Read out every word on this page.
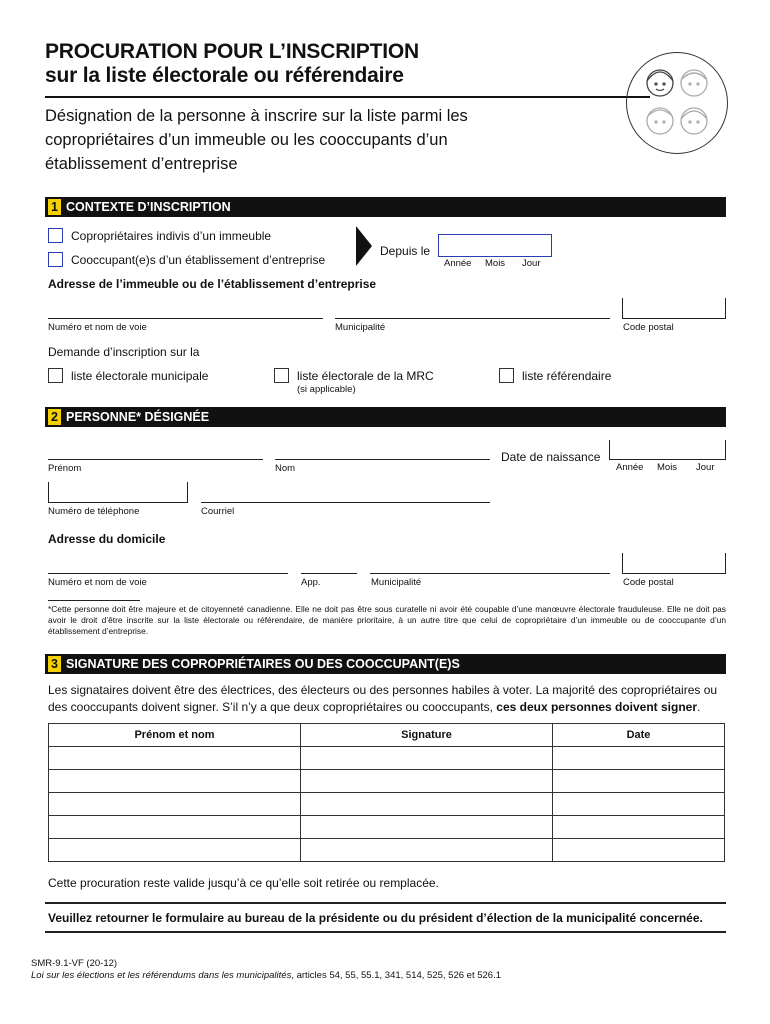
PROCURATION POUR L’INSCRIPTION
sur la liste électorale ou référendaire
Désignation de la personne à inscrire sur la liste parmi les copropriétaires d’un immeuble ou les cooccupants d’un établissement d’entreprise
1 CONTEXTE D’INSCRIPTION
Copropriétaires indivis d’un immeuble
Cooccupant(e)s d’un établissement d’entreprise
Depuis le
Année Mois Jour
Adresse de l’immeuble ou de l’établissement d’entreprise
Numéro et nom de voie	Municipalité	Code postal
Demande d’inscription sur la
liste électorale municipale	liste électorale de la MRC
(si applicable)
liste référendaire
2 PERSONNE* DÉSIGNÉE
Prénom	Nom
Date de naissance
Année Mois Jour
Numéro de téléphone	Courriel
Adresse du domicile
Numéro et nom de voie	App.	Municipalité	Code postal
*Cette personne doit être majeure et de citoyenneté canadienne. Elle ne doit pas être sous curatelle ni avoir été coupable d’une manœuvre électorale frauduleuse. Elle ne doit pas avoir le droit d’être inscrite sur la liste électorale ou référendaire, de manière prioritaire, à un autre titre que celui de copropriétaire d’un immeuble ou de cooccupante d’un établissement d’entreprise.
3 SIGNATURE DES COPROPRIÉTAIRES OU DES COOCCUPANT(E)S
Les signataires doivent être des électrices, des électeurs ou des personnes habiles à voter. La majorité des copropriétaires ou des cooccupants doivent signer. S’il n’y a que deux copropriétaires ou cooccupants, ces deux personnes doivent signer.
Prénom et nom	Signature	Date

Cette procuration reste valide jusqu’à ce qu’elle soit retirée ou remplacée.
Veuillez retourner le formulaire au bureau de la présidente ou du président d’élection de la municipalité concernée.
SMR-9.1-VF (20-12)
Loi sur les élections et les référendums dans les municipalités, articles 54, 55, 55.1, 341, 514, 525, 526 et 526.1
